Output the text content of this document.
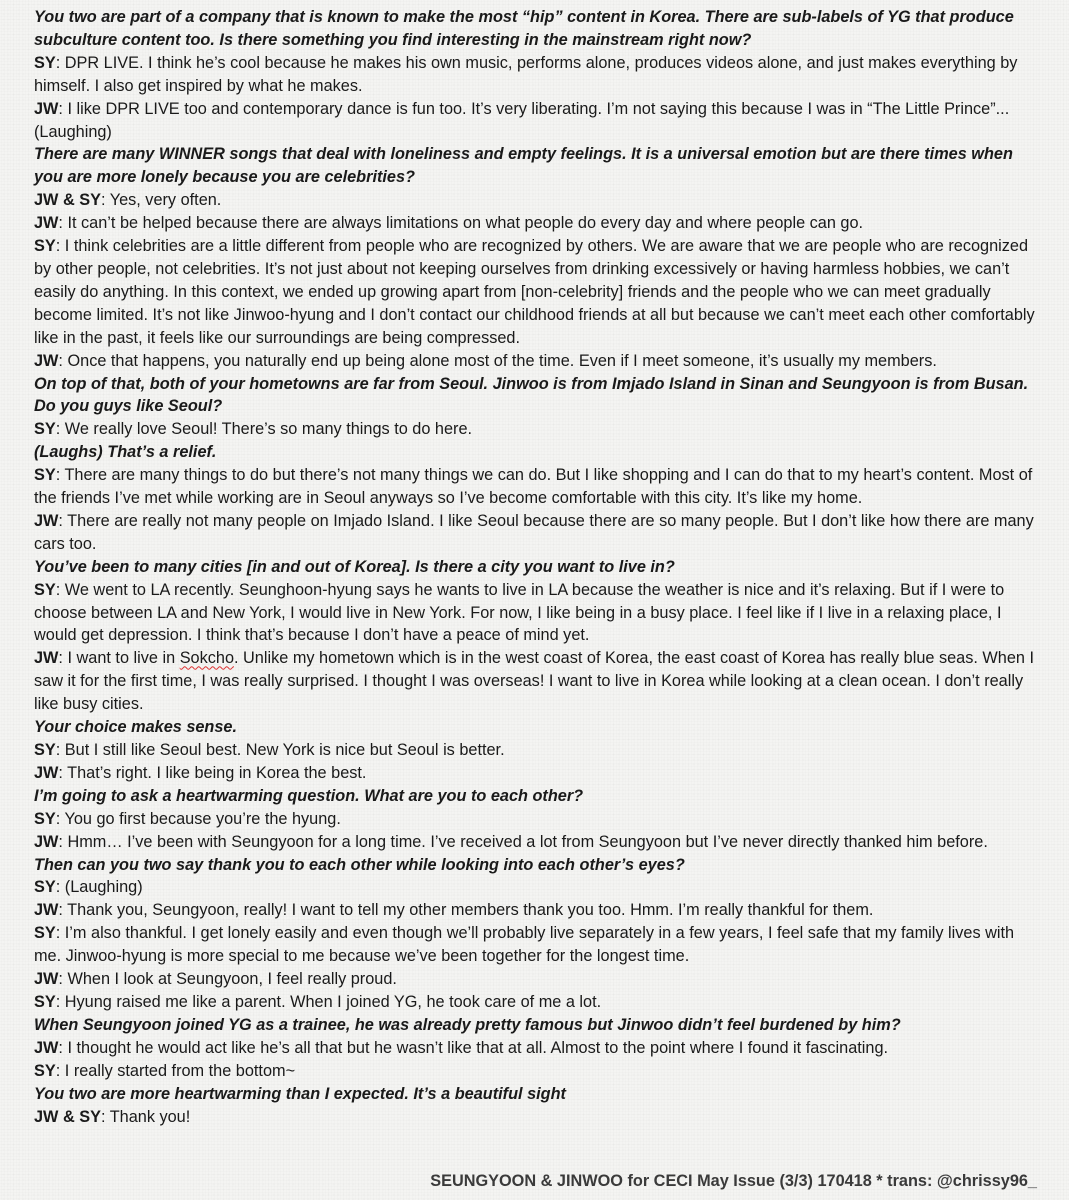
You two are part of a company that is known to make the most “hip” content in Korea. There are sub-labels of YG that produce subculture content too. Is there something you find interesting in the mainstream right now?

SY: DPR LIVE. I think he’s cool because he makes his own music, performs alone, produces videos alone, and just makes everything by himself. I also get inspired by what he makes.

JW: I like DPR LIVE too and contemporary dance is fun too. It’s very liberating. I’m not saying this because I was in “The Little Prince”... (Laughing)

There are many WINNER songs that deal with loneliness and empty feelings. It is a universal emotion but are there times when you are more lonely because you are celebrities?

JW & SY: Yes, very often.

JW: It can’t be helped because there are always limitations on what people do every day and where people can go.

SY: I think celebrities are a little different from people who are recognized by others. We are aware that we are people who are recognized by other people, not celebrities. It’s not just about not keeping ourselves from drinking excessively or having harmless hobbies, we can’t easily do anything. In this context, we ended up growing apart from [non-celebrity] friends and the people who we can meet gradually become limited. It’s not like Jinwoo-hyung and I don’t contact our childhood friends at all but because we can’t meet each other comfortably like in the past, it feels like our surroundings are being compressed.

JW: Once that happens, you naturally end up being alone most of the time. Even if I meet someone, it’s usually my members.

On top of that, both of your hometowns are far from Seoul. Jinwoo is from Imjado Island in Sinan and Seungyoon is from Busan. Do you guys like Seoul?

SY: We really love Seoul! There’s so many things to do here.

(Laughs) That’s a relief.

SY: There are many things to do but there’s not many things we can do. But I like shopping and I can do that to my heart’s content. Most of the friends I’ve met while working are in Seoul anyways so I’ve become comfortable with this city. It’s like my home.

JW: There are really not many people on Imjado Island. I like Seoul because there are so many people. But I don’t like how there are many cars too.

You’ve been to many cities [in and out of Korea]. Is there a city you want to live in?

SY: We went to LA recently. Seunghoon-hyung says he wants to live in LA because the weather is nice and it’s relaxing. But if I were to choose between LA and New York, I would live in New York. For now, I like being in a busy place. I feel like if I live in a relaxing place, I would get depression. I think that’s because I don’t have a peace of mind yet.

JW: I want to live in Sokcho. Unlike my hometown which is in the west coast of Korea, the east coast of Korea has really blue seas. When I saw it for the first time, I was really surprised. I thought I was overseas! I want to live in Korea while looking at a clean ocean. I don’t really like busy cities.

Your choice makes sense.

SY: But I still like Seoul best. New York is nice but Seoul is better.

JW: That’s right. I like being in Korea the best.

I’m going to ask a heartwarming question. What are you to each other?

SY: You go first because you’re the hyung.

JW: Hmm… I’ve been with Seungyoon for a long time. I’ve received a lot from Seungyoon but I’ve never directly thanked him before.

Then can you two say thank you to each other while looking into each other’s eyes?

SY: (Laughing)

JW: Thank you, Seungyoon, really! I want to tell my other members thank you too. Hmm. I’m really thankful for them.

SY: I’m also thankful. I get lonely easily and even though we’ll probably live separately in a few years, I feel safe that my family lives with me. Jinwoo-hyung is more special to me because we’ve been together for the longest time.

JW: When I look at Seungyoon, I feel really proud.

SY: Hyung raised me like a parent. When I joined YG, he took care of me a lot.

When Seungyoon joined YG as a trainee, he was already pretty famous but Jinwoo didn’t feel burdened by him?

JW: I thought he would act like he’s all that but he wasn’t like that at all. Almost to the point where I found it fascinating.

SY: I really started from the bottom~

You two are more heartwarming than I expected. It’s a beautiful sight

JW & SY: Thank you!

SEUNGYOON & JINWOO for CECI May Issue (3/3) 170418 * trans: @chrissy96_
